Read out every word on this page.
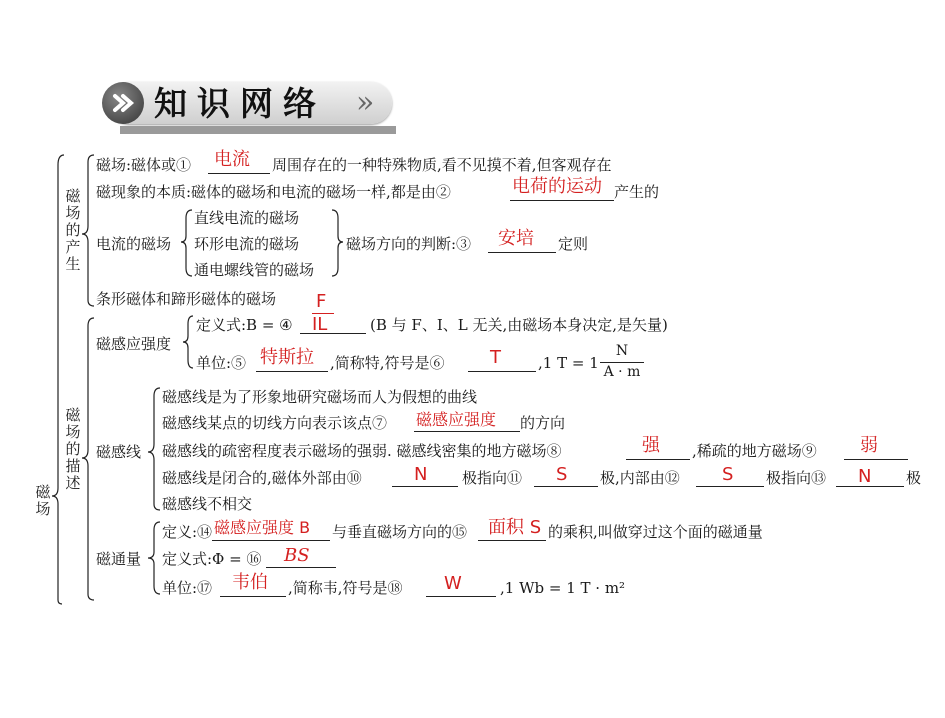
知识网络 »
磁场
磁场的产生
磁场的描述
磁场:磁体或① 电流 周围存在的一种特殊物质,看不见摸不着,但客观存在
磁现象的本质:磁体的磁场和电流的磁场一样,都是由②	电荷的运动 产生的
电流的磁场
直线电流的磁场
环形电流的磁场
通电螺线管的磁场
磁场方向的判断:③ 安培 定则
条形磁体和蹄形磁体的磁场
磁感应强度
定义式:B = ④
F
IL	(B 与 F、I、L 无关,由磁场本身决定,是矢量)
单位:⑤ 特斯拉 ,简称特,符号是⑥	T ,1 T = 1
N
A · m
磁感线
磁感线是为了形象地研究磁场而人为假想的曲线
磁感线某点的切线方向表示该点⑦ 磁感应强度 的方向
磁感线的疏密程度表示磁场的强弱. 磁感线密集的地方磁场⑧	强 ,稀疏的地方磁场⑨ 弱
磁感线是闭合的,磁体外部由⑩	N 极指向⑪ S 极,内部由⑫ S 极指向⑬ N 极
磁感线不相交
磁通量
定义:⑭ 磁感应强度 B 与垂直磁场方向的⑮ 面积 S 的乘积,叫做穿过这个面的磁通量
定义式:Φ = ⑯ BS
单位:⑰ 韦伯 ,简称韦,符号是⑱ W	,1 Wb = 1 T · m²
